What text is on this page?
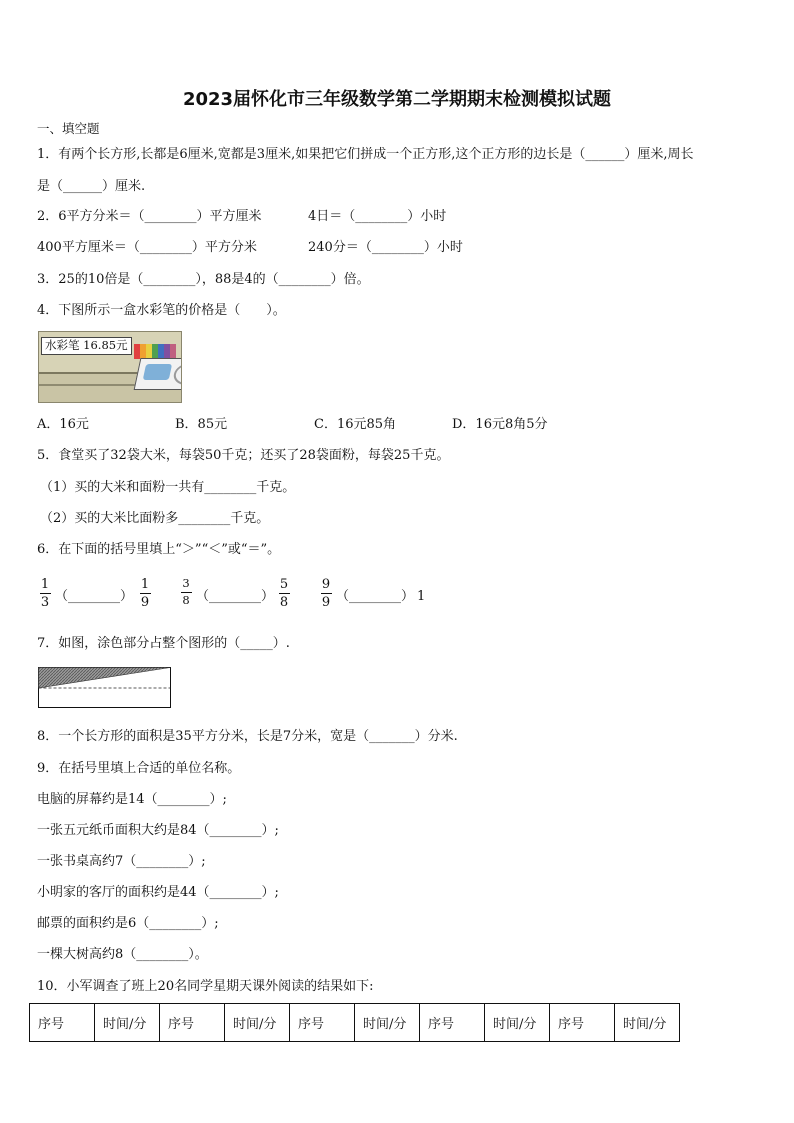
2023届怀化市三年级数学第二学期期末检测模拟试题
一、填空题
1．有两个长方形,长都是6厘米,宽都是3厘米,如果把它们拼成一个正方形,这个正方形的边长是（______）厘米,周长
是（______）厘米.
2．6平方分米＝（________）平方厘米	4日＝（________）小时
400平方厘米＝（________）平方分米	240分＝（________）小时
3．25的10倍是（________），88是4的（________）倍。
4．下图所示一盒水彩笔的价格是（　　）。
水彩笔 16.85元
A．16元	B．85元	C．16元85角	D．16元8角5分
5．食堂买了32袋大米，每袋50千克；还买了28袋面粉，每袋25千克。
（1）买的大米和面粉一共有________千克。
（2）买的大米比面粉多________千克。
6．在下面的括号里填上“＞”“＜”或“＝”。
1
3 （________）
1
9
3
8 （________）
5
8
9
9 （________） 1
7．如图，涂色部分占整个图形的（_____）.
8．一个长方形的面积是35平方分米，长是7分米，宽是（_______）分米.
9．在括号里填上合适的单位名称。
电脑的屏幕约是14（________）;
一张五元纸币面积大约是84（________）;
一张书桌高约7（________）;
小明家的客厅的面积约是44（________）;
邮票的面积约是6（________）;
一棵大树高约8（________）。
10．小军调查了班上20名同学星期天课外阅读的结果如下:
序号	时间/分	序号	时间/分	序号	时间/分	序号	时间/分	序号	时间/分
